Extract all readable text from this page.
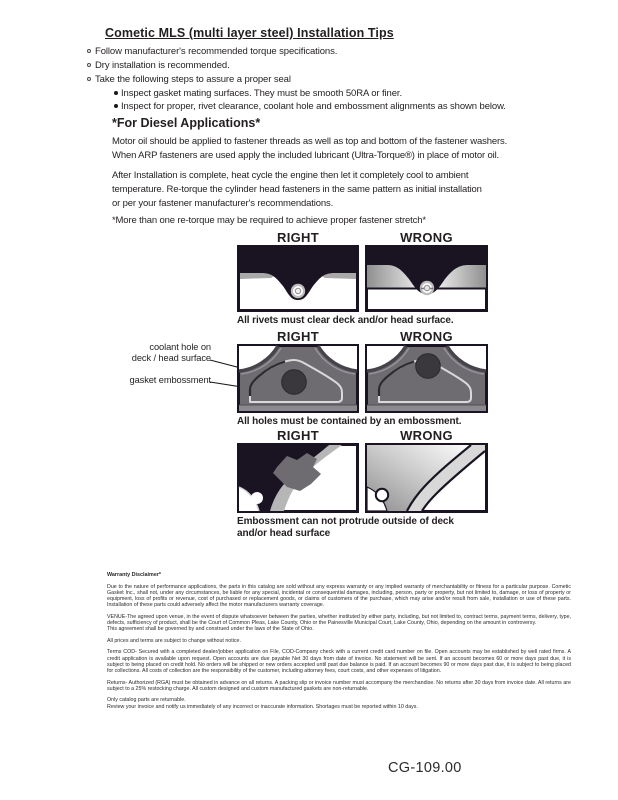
Cometic MLS (multi layer steel) Installation Tips
Follow manufacturer's recommended torque specifications.
Dry installation is recommended.
Take the following steps to assure a proper seal
Inspect gasket mating surfaces. They must be smooth 50RA or finer.
Inspect for proper, rivet clearance, coolant hole and embossment alignments as shown below.
*For Diesel Applications*
Motor oil should be applied to fastener threads as well as top and bottom of the fastener washers.
When ARP fasteners are used apply the included lubricant (Ultra-Torque®) in place of motor oil.
After Installation is complete, heat cycle the engine then let it completely cool to ambient
temperature. Re-torque the cylinder head fasteners in the same pattern as initial installation
or per your fastener manufacturer's recommendations.
*More than one re-torque may be required to achieve proper fastener stretch*
RIGHT	WRONG
All rivets must clear deck and/or head surface.
RIGHT	WRONG
coolant hole on
deck / head surface
gasket embossment
All holes must be contained by an embossment.
RIGHT	WRONG
Embossment can not protrude outside of deck
and/or head surface
Warranty Disclaimer*

Due to the nature of performance applications, the parts in this catalog are sold without any express warranty or any implied warranty of merchantability or fitness for a particular purpose. Cometic Gasket Inc., shall not, under any circumstances, be liable for any special, incidental or consequential damages, including, person, party or property, but not limited to, damage, or loss of property or equipment, loss of profits or revenue, cost of purchased or replacement goods, or claims of customers of the purchase, which may arise and/or result from sale, installation or use of these parts. Installation of these parts could adversely affect the motor manufacturers warranty coverage.

VENUE-The agreed upon venue, in the event of dispute whatsoever between the parties, whether instituted by either party, including, but not limited to, contract terms, payment terms, delivery, type, defects, sufficiency of product, shall be the Court of Common Pleas, Lake County, Ohio or the Painesville Municipal Court, Lake County, Ohio, depending on the amount in controversy.
This agreement shall be governed by and construed under the laws of the State of Ohio.

All prices and terms are subject to change without notice.

Terms COD- Secured with a completed dealer/jobber application on File, COD-Company check with a current credit card number on file. Open accounts may be established by well rated firms. A credit application is available upon request. Open accounts are due payable Net 30 days from date of invoice. No statement will be sent. If an account becomes 60 or more days past due, it is subject to being placed on credit hold. No orders will be shipped or new orders accepted until past due balance is paid. If an account becomes 90 or more days past due, it is subject to being placed for collections. All costs of collection are the responsibility of the customer, including attorney fees, court costs, and other expenses of litigation.

Returns- Authorized (RGA) must be obtained in advance on all returns. A packing slip or invoice number must accompany the merchandise. No returns after 30 days from invoice date. All returns are subject to a 25% restocking charge. All custom designed and custom manufactured gaskets are non-returnable.

Only catalog parts are returnable.
Review your invoice and notify us immediately of any incorrect or inaccurate information. Shortages must be reported within 10 days.

CG-109.00
